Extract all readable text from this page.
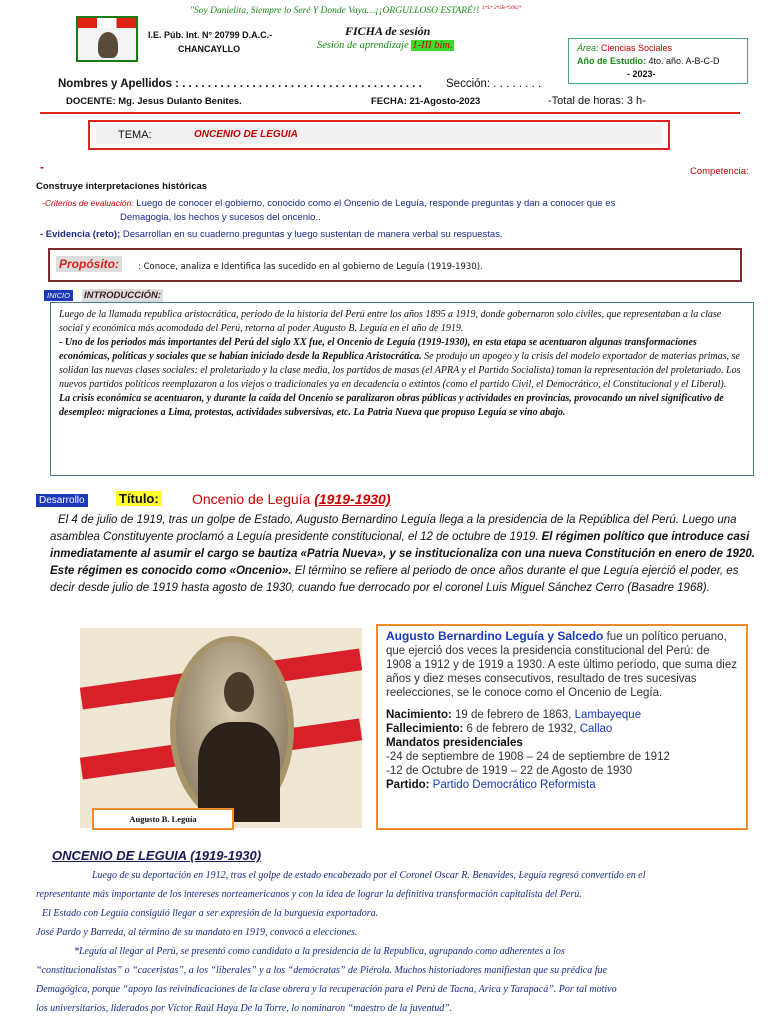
"Soy Danielita, Siempre lo Seré Y Donde Vaya…¡¡ORGULLOSO ESTARÉ!! $^{L*L* 2*5B-*2002*}$
I.E. Púb. Int. N° 20799 D.A.C.-
CHANCAYLLO
FICHA de sesión
Sesión de aprendizaje 1-III bim.	Área: Ciencias Sociales
Año de Estudio: 4to. año. A-B-C-D
- 2023-
Nombres y Apellidos : . . . . . . . . . . . . . . . . . . . . . . . . . . . . . . . . . . . . . . Sección: . . . . . . . .
DOCENTE: Mg. Jesus Dulanto Benites.	FECHA: 21-Agosto-2023	-Total de horas: 3 h-
TEMA:	ONCENIO DE LEGUIA
-	Competencia:
Construye interpretaciones históricas
-Criterios de evaluación: Luego de conocer el gobierno, conocido como el Oncenio de Leguía, responde preguntas y dan a conocer que es
Demagogia, los hechos y sucesos del oncenio..
- Evidencia (reto); Desarrollan en su cuaderno preguntas y luego sustentan de manera verbal su respuestas.
Propósito:	: Conoce, analiza e Identifica las sucedido en al gobierno de Leguía (1919-1930).
INICIO	INTRODUCCIÓN:

Luego de la llamada republica aristocrática, periodo de la historia del Perú entre los años 1895 a 1919, donde gobernaron solo civiles, que representaban a la clase social y económica más acomodada del Perú, retorna al poder Augusto B. Leguía en el año de 1919.

- Uno de los periodos más importantes del Perú del siglo XX fue, el Oncenio de Leguía (1919-1930), en esta etapa se acentuaron algunas transformaciones económicas, políticas y sociales que se habían iniciado desde la Republica Aristocrática. Se produjo un apogeo y la crisis del modelo exportador de materias primas, se solidan las nuevas clases sociales: el proletariado y la clase media, los partidos de masas (el APRA y el Partido Socialista) toman la representación del proletariado. Los nuevos partidos políticos reemplazaron a los viejos o tradicionales ya en decadencia o extintos (como el partido Civil, el Democrático, el Constitucional y el Liberal).

La crisis económica se acentuaron, y durante la caída del Oncenio se paralizaron obras públicas y actividades en provincias, provocando un nivel significativo de desempleo: migraciones a Lima, protestas, actividades subversivas, etc. La Patria Nueva que propuso Leguía se vino abajo.

Desarrollo	Título: Oncenio de Leguía (1919-1930)
El 4 de julio de 1919, tras un golpe de Estado, Augusto Bernardino Leguía llega a la presidencia de la República del Perú. Luego una asamblea Constituyente proclamó a Leguía presidente constitucional, el 12 de octubre de 1919. El régimen político que introduce casi inmediatamente al asumir el cargo se bautiza «Patria Nueva», y se institucionaliza con una nueva Constitución en enero de 1920. Este régimen es conocido como «Oncenio». El término se refiere al periodo de once años durante el que Leguía ejerció el poder, es decir desde julio de 1919 hasta agosto de 1930, cuando fue derrocado por el coronel Luis Miguel Sánchez Cerro (Basadre 1968).
Augusto B. Leguía
Augusto Bernardino Leguía y Salcedo fue un político peruano, que ejerció dos veces la presidencia constitucional del Perú: de 1908 a 1912 y de 1919 a 1930. A este último período, que suma diez años y diez meses consecutivos, resultado de tres sucesivas reelecciones, se le conoce como el Oncenio de Legía.
Nacimiento: 19 de febrero de 1863, Lambayeque
Fallecimiento: 6 de febrero de 1932, Callao
Mandatos presidenciales
-24 de septiembre de 1908 – 24 de septiembre de 1912
-12 de Octubre de 1919 – 22 de Agosto de 1930
Partido: Partido Democrático Reformista
ONCENIO DE LEGUIA (1919-1930)
Luego de su deportación en 1912, tras el golpe de estado encabezado por el Coronel Oscar R. Benavides, Leguía regresó convertido en el
representante más importante de los intereses norteamericanos y con la idea de lograr la definitiva transformación capitalista del Perú.
El Estado con Leguía consiguió llegar a ser expresión de la burguesía exportadora.
José Pardo y Barreda, al término de su mandato en 1919, convocó a elecciones.
*Leguía al llegar al Perú, se presentó como candidato a la presidencia de la Republica, agrupando como adherentes a los
“constitucionalistas” o “caceristas”, a los “liberales” y a los “demócratas” de Piérola. Muchos historiadores manifiestan que su prédica fue
Demagógica, porque “apoyo las reivindicaciones de la clase obrera y la recuperación para el Perú de Tacna, Arica y Tarapacá”. Por tal motivo
los universitarios, liderados por Víctor Raúl Haya De la Torre, lo nominaron “maestro de la juventud”.
